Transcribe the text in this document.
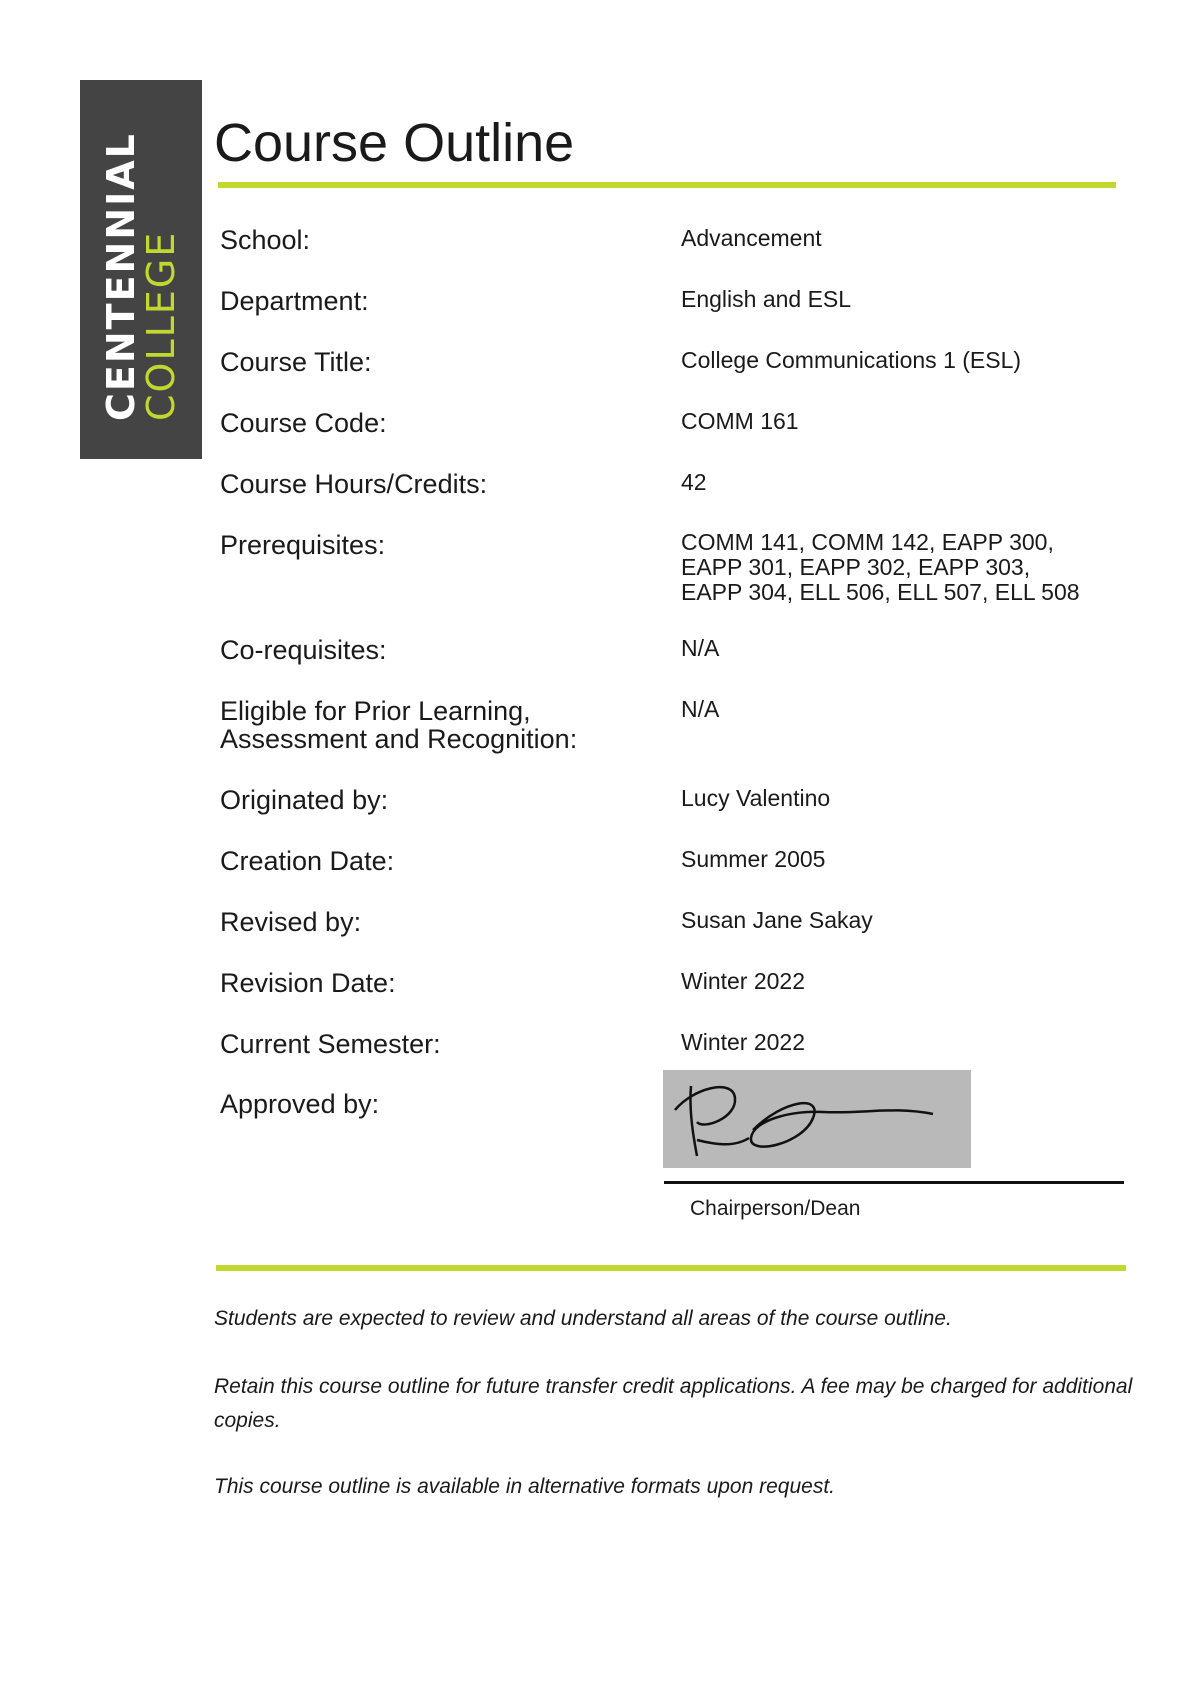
CENTENNIAL
COLLEGE
Course Outline
School:	Advancement
Department:	English and ESL
Course Title:	College Communications 1 (ESL)
Course Code:	COMM 161
Course Hours/Credits:	42
Prerequisites:	COMM 141, COMM 142, EAPP 300,
EAPP 301, EAPP 302, EAPP 303,
EAPP 304, ELL 506, ELL 507, ELL 508
Co-requisites:	N/A
Eligible for Prior Learning,
Assessment and Recognition:
N/A
Originated by:	Lucy Valentino
Creation Date:	Summer 2005
Revised by:	Susan Jane Sakay
Revision Date:	Winter 2022
Current Semester:	Winter 2022
Approved by:
Chairperson/Dean
Students are expected to review and understand all areas of the course outline.
Retain this course outline for future transfer credit applications. A fee may be charged for additional copies.
This course outline is available in alternative formats upon request.
